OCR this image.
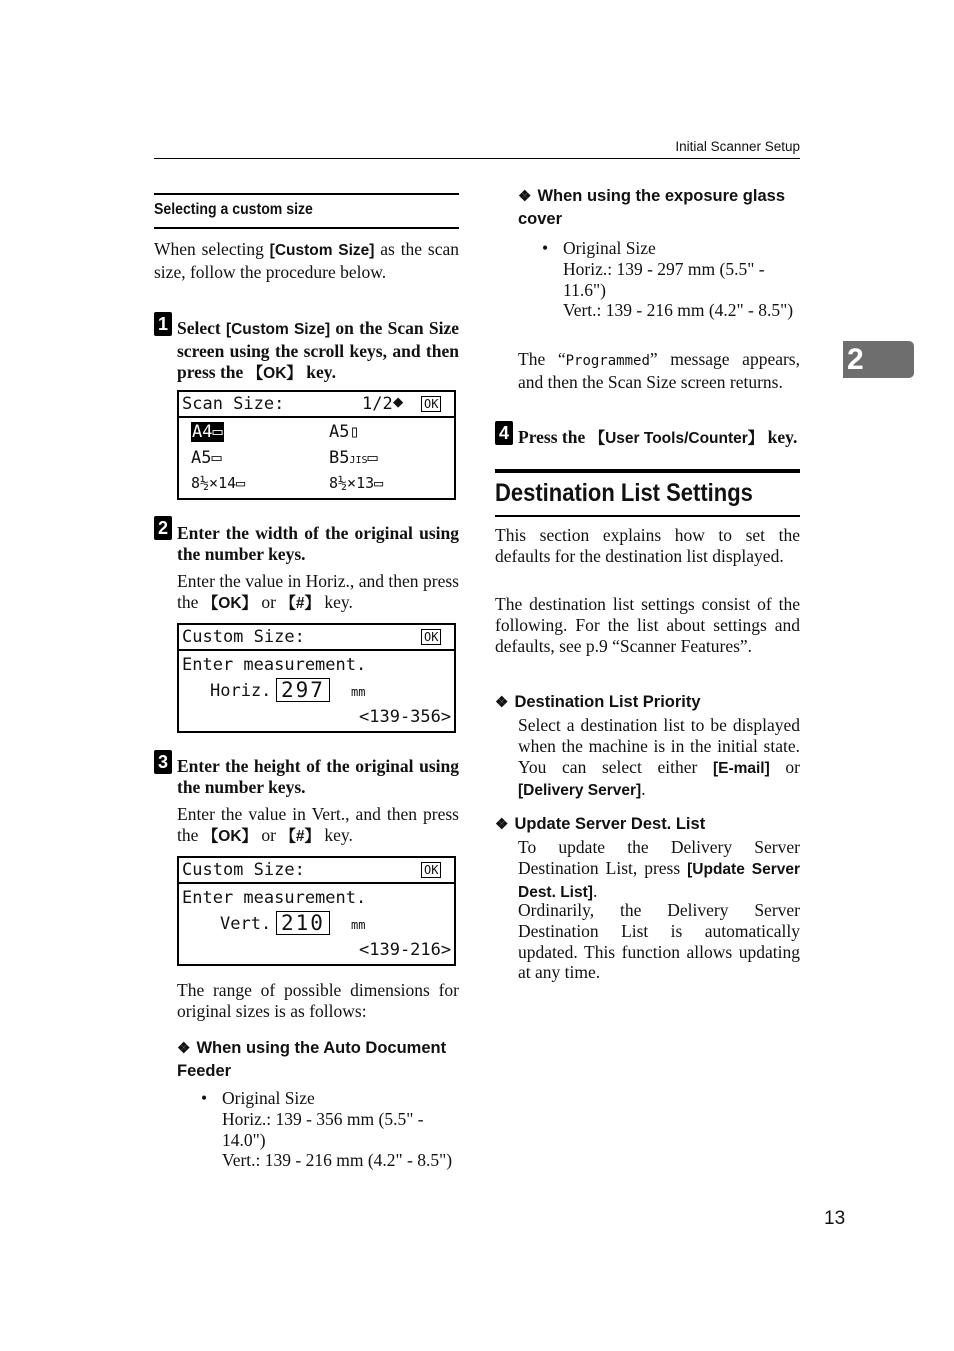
Initial Scanner Setup
2
13
Selecting a custom size
When selecting [Custom Size] as the scan size, follow the procedure below.
1 Select [Custom Size] on the Scan Size screen using the scroll keys, and then press the 【OK】 key.
Scan Size:	1/2 ◆ OK
A4▭	A5▯
A5▭	B5JIS▭
8½×14▭	8½×13▭
2 Enter the width of the original using the number keys.
Enter the value in Horiz., and then press the 【OK】 or 【#】 key.
Custom Size:	OK
Enter measurement.
Horiz. 297	mm
<139-356>
3 Enter the height of the original using the number keys.
Enter the value in Vert., and then press the 【OK】 or 【#】 key.
Custom Size:	OK
Enter measurement.
Vert. 210	mm
<139-216>
The range of possible dimensions for original sizes is as follows:
❖ When using the Auto Document Feeder
• Original Size
Horiz.: 139 - 356 mm (5.5" - 14.0")
Vert.: 139 - 216 mm (4.2" - 8.5")
❖ When using the exposure glass cover
• Original Size
Horiz.: 139 - 297 mm (5.5" - 11.6")
Vert.: 139 - 216 mm (4.2" - 8.5")
The “Programmed” message appears, and then the Scan Size screen returns.
4 Press the 【User Tools/Counter】 key.
Destination List Settings
This section explains how to set the defaults for the destination list displayed.
The destination list settings consist of the following. For the list about settings and defaults, see p.9 “Scanner Features”.
❖ Destination List Priority
Select a destination list to be displayed when the machine is in the initial state. You can select either [E-mail] or [Delivery Server].
❖ Update Server Dest. List
To update the Delivery Server Destination List, press [Update Server Dest. List].
Ordinarily, the Delivery Server Destination List is automatically updated. This function allows updating at any time.
